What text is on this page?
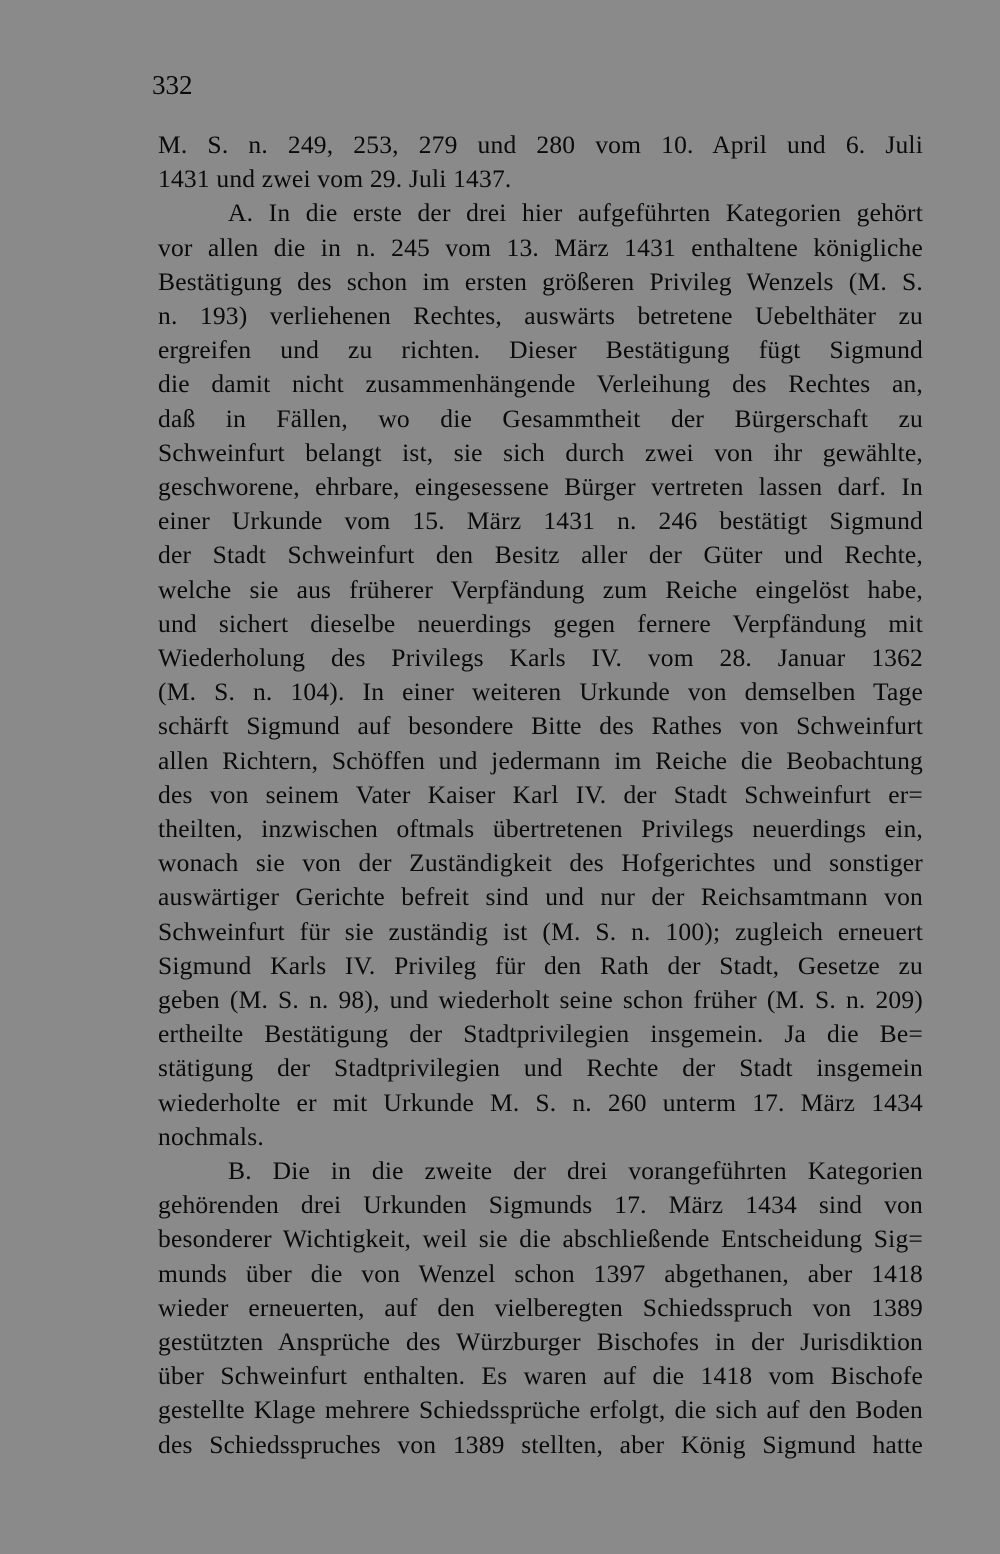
332
M. S. n. 249, 253, 279 und 280 vom 10. April und 6. Juli
1431 und zwei vom 29. Juli 1437.
A. In die erste der drei hier aufgeführten Kategorien gehört
vor allen die in n. 245 vom 13. März 1431 enthaltene königliche
Bestätigung des schon im ersten größeren Privileg Wenzels (M. S.
n. 193) verliehenen Rechtes, auswärts betretene Uebelthäter zu
ergreifen und zu richten. Dieser Bestätigung fügt Sigmund
die damit nicht zusammenhängende Verleihung des Rechtes an,
daß in Fällen, wo die Gesammtheit der Bürgerschaft zu
Schweinfurt belangt ist, sie sich durch zwei von ihr gewählte,
geschworene, ehrbare, eingesessene Bürger vertreten lassen darf. In
einer Urkunde vom 15. März 1431 n. 246 bestätigt Sigmund
der Stadt Schweinfurt den Besitz aller der Güter und Rechte,
welche sie aus früherer Verpfändung zum Reiche eingelöst habe,
und sichert dieselbe neuerdings gegen fernere Verpfändung mit
Wiederholung des Privilegs Karls IV. vom 28. Januar 1362
(M. S. n. 104). In einer weiteren Urkunde von demselben Tage
schärft Sigmund auf besondere Bitte des Rathes von Schweinfurt
allen Richtern, Schöffen und jedermann im Reiche die Beobachtung
des von seinem Vater Kaiser Karl IV. der Stadt Schweinfurt er=
theilten, inzwischen oftmals übertretenen Privilegs neuerdings ein,
wonach sie von der Zuständigkeit des Hofgerichtes und sonstiger
auswärtiger Gerichte befreit sind und nur der Reichsamtmann von
Schweinfurt für sie zuständig ist (M. S. n. 100); zugleich erneuert
Sigmund Karls IV. Privileg für den Rath der Stadt, Gesetze zu
geben (M. S. n. 98), und wiederholt seine schon früher (M. S. n. 209)
ertheilte Bestätigung der Stadtprivilegien insgemein. Ja die Be=
stätigung der Stadtprivilegien und Rechte der Stadt insgemein
wiederholte er mit Urkunde M. S. n. 260 unterm 17. März 1434
nochmals.
B. Die in die zweite der drei vorangeführten Kategorien
gehörenden drei Urkunden Sigmunds 17. März 1434 sind von
besonderer Wichtigkeit, weil sie die abschließende Entscheidung Sig=
munds über die von Wenzel schon 1397 abgethanen, aber 1418
wieder erneuerten, auf den vielberegten Schiedsspruch von 1389
gestützten Ansprüche des Würzburger Bischofes in der Jurisdiktion
über Schweinfurt enthalten. Es waren auf die 1418 vom Bischofe
gestellte Klage mehrere Schiedssprüche erfolgt, die sich auf den Boden
des Schiedsspruches von 1389 stellten, aber König Sigmund hatte
